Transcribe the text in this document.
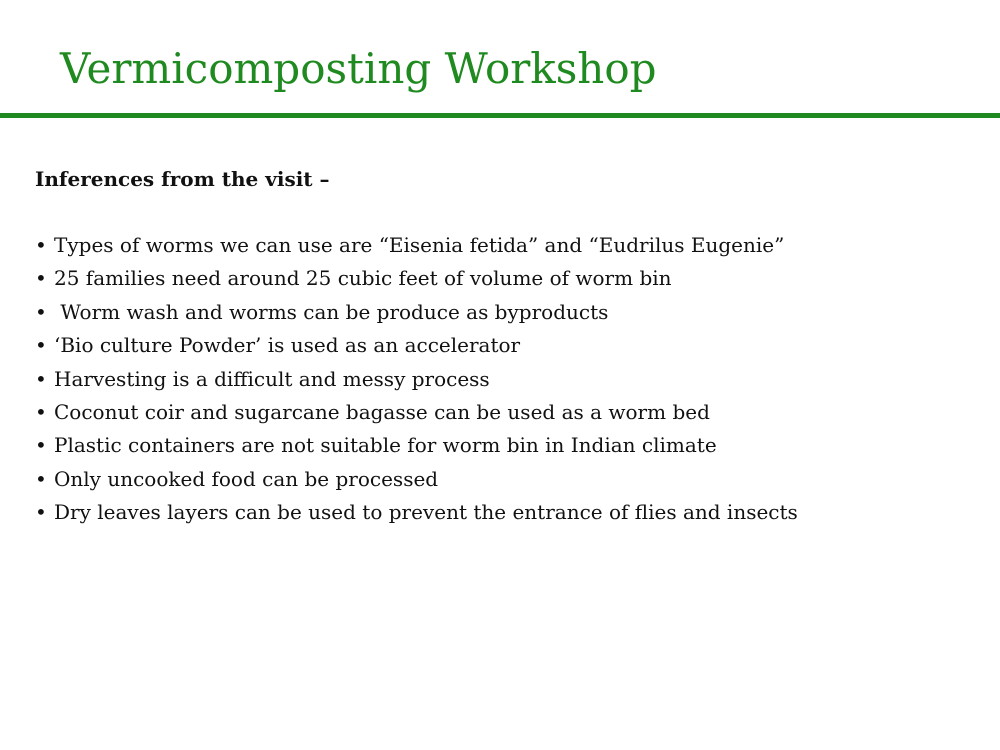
Vermicomposting Workshop

Inferences from the visit –

• Types of worms we can use are “Eisenia fetida” and “Eudrilus Eugenie”
• 25 families need around 25 cubic feet of volume of worm bin
• Worm wash and worms can be produce as byproducts
• ‘Bio culture Powder’ is used as an accelerator
• Harvesting is a difficult and messy process
• Coconut coir and sugarcane bagasse can be used as a worm bed
• Plastic containers are not suitable for worm bin in Indian climate
• Only uncooked food can be processed
• Dry leaves layers can be used to prevent the entrance of flies and insects
